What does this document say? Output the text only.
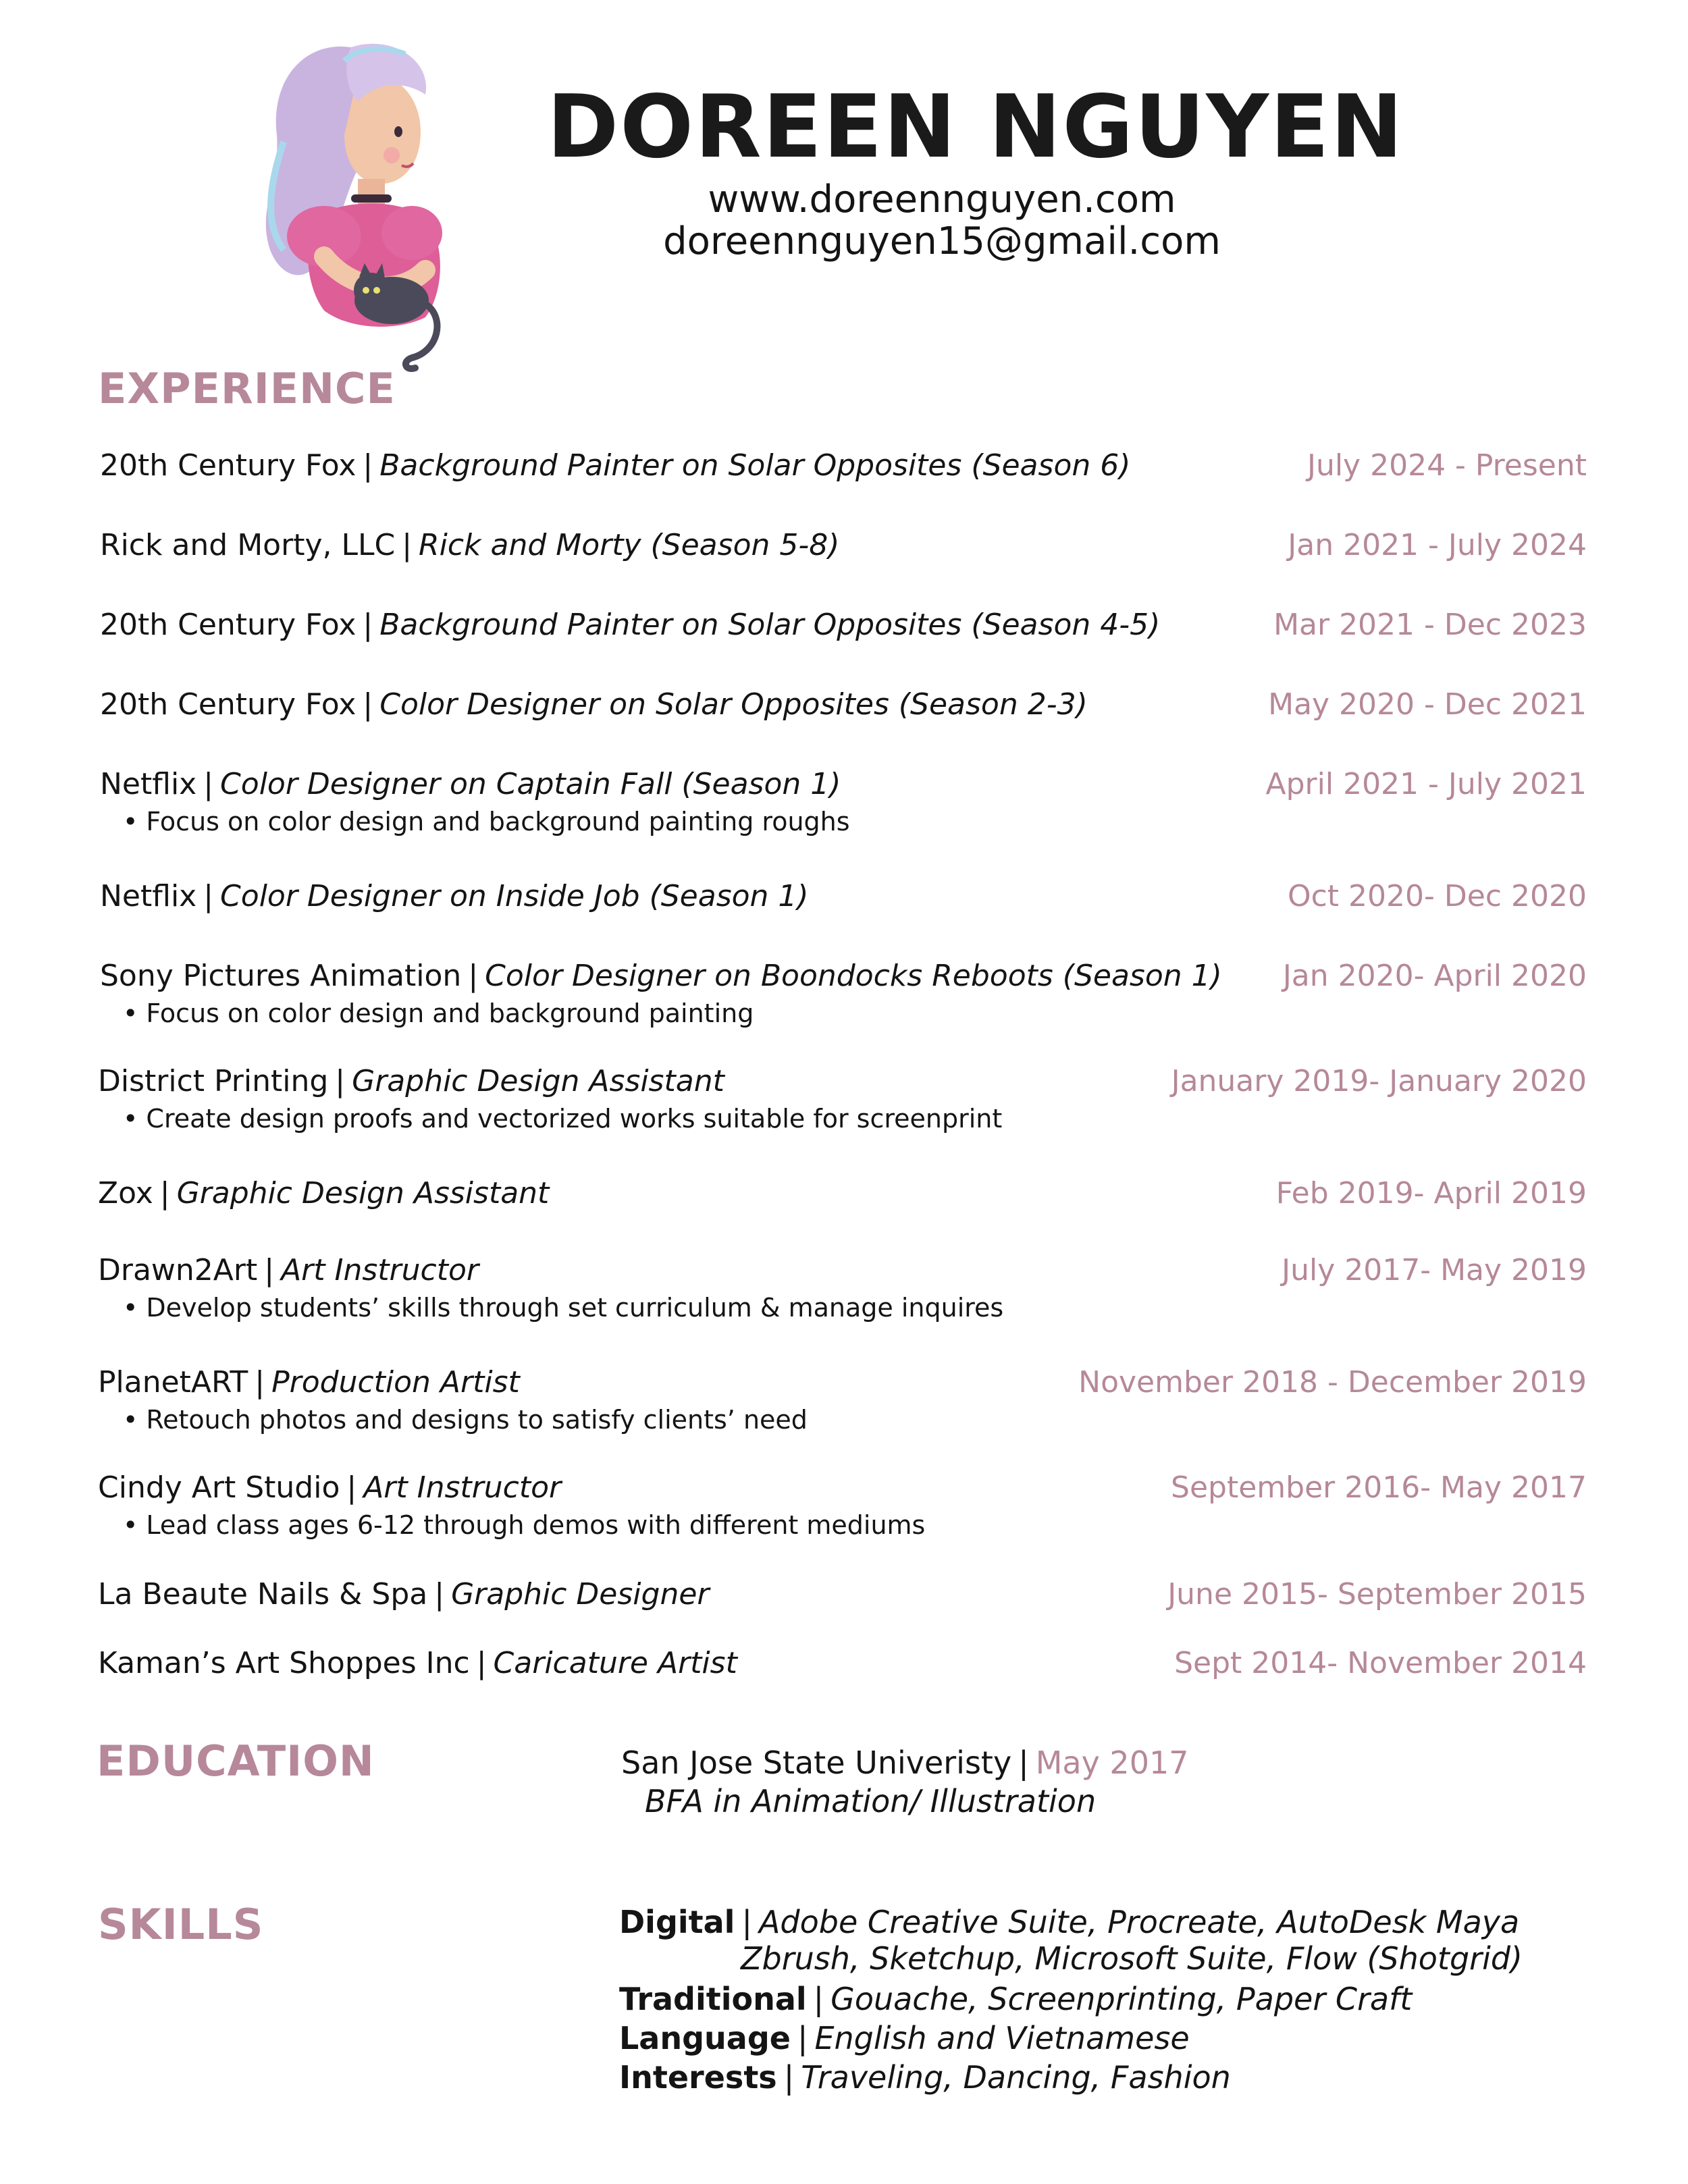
DOREEN NGUYEN
www.doreennguyen.com
doreennguyen15@gmail.com
EXPERIENCE
20th Century Fox | Background Painter on Solar Opposites (Season 6)	July 2024 - Present
Rick and Morty, LLC | Rick and Morty (Season 5-8)	Jan 2021 - July 2024
20th Century Fox | Background Painter on Solar Opposites (Season 4-5)	Mar 2021 - Dec 2023
20th Century Fox | Color Designer on Solar Opposites (Season 2-3)	May 2020 - Dec 2021
Netflix | Color Designer on Captain Fall (Season 1)	April 2021 - July 2021
• Focus on color design and background painting roughs
Netflix | Color Designer on Inside Job (Season 1)	Oct 2020- Dec 2020
Sony Pictures Animation | Color Designer on Boondocks Reboots (Season 1) Jan 2020- April 2020
• Focus on color design and background painting
District Printing | Graphic Design Assistant	January 2019- January 2020
• Create design proofs and vectorized works suitable for screenprint
Zox | Graphic Design Assistant	Feb 2019- April 2019
Drawn2Art | Art Instructor	July 2017- May 2019
• Develop students’ skills through set curriculum & manage inquires
PlanetART | Production Artist	November 2018 - December 2019
• Retouch photos and designs to satisfy clients’ need
Cindy Art Studio | Art Instructor	September 2016- May 2017
• Lead class ages 6-12 through demos with different mediums
La Beaute Nails & Spa | Graphic Designer	June 2015- September 2015
Kaman’s Art Shoppes Inc | Caricature Artist	Sept 2014- November 2014
EDUCATION	San Jose State Univeristy | May 2017
BFA in Animation/ Illustration
SKILLS	Digital | Adobe Creative Suite, Procreate, AutoDesk Maya
Zbrush, Sketchup, Microsoft Suite, Flow (Shotgrid)
Traditional | Gouache, Screenprinting, Paper Craft
Language | English and Vietnamese
Interests | Traveling, Dancing, Fashion
